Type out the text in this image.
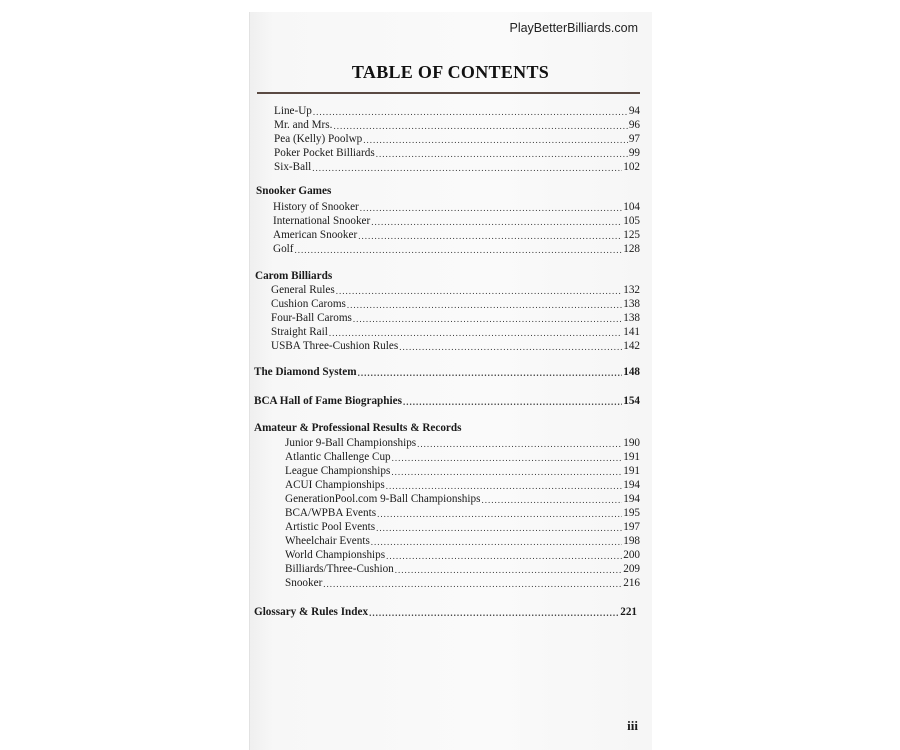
PlayBetterBilliards.com
TABLE OF CONTENTS
Line-Up .....	94
Mr. and Mrs. .....	96
Pea (Kelly) Poolwp .....	97
Poker Pocket Billiards .....	99
Six-Ball .....	102
Snooker Games
History of Snooker .....	104
International Snooker .....	105
American Snooker .....	125
Golf .....	128
Carom Billiards
General Rules .....	132
Cushion Caroms .....	138
Four-Ball Caroms .....	138
Straight Rail .....	141
USBA Three-Cushion Rules .....	142
The Diamond System .....	148
BCA Hall of Fame Biographies .....	154
Amateur & Professional Results & Records
Junior 9-Ball Championships .....	190
Atlantic Challenge Cup .....	191
League Championships .....	191
ACUI Championships .....	194
GenerationPool.com 9-Ball Championships .....	194
BCA/WPBA Events .....	195
Artistic Pool Events .....	197
Wheelchair Events .....	198
World Championships .....	200
Billiards/Three-Cushion .....	209
Snooker .....	216
Glossary & Rules Index .....	221
iii
